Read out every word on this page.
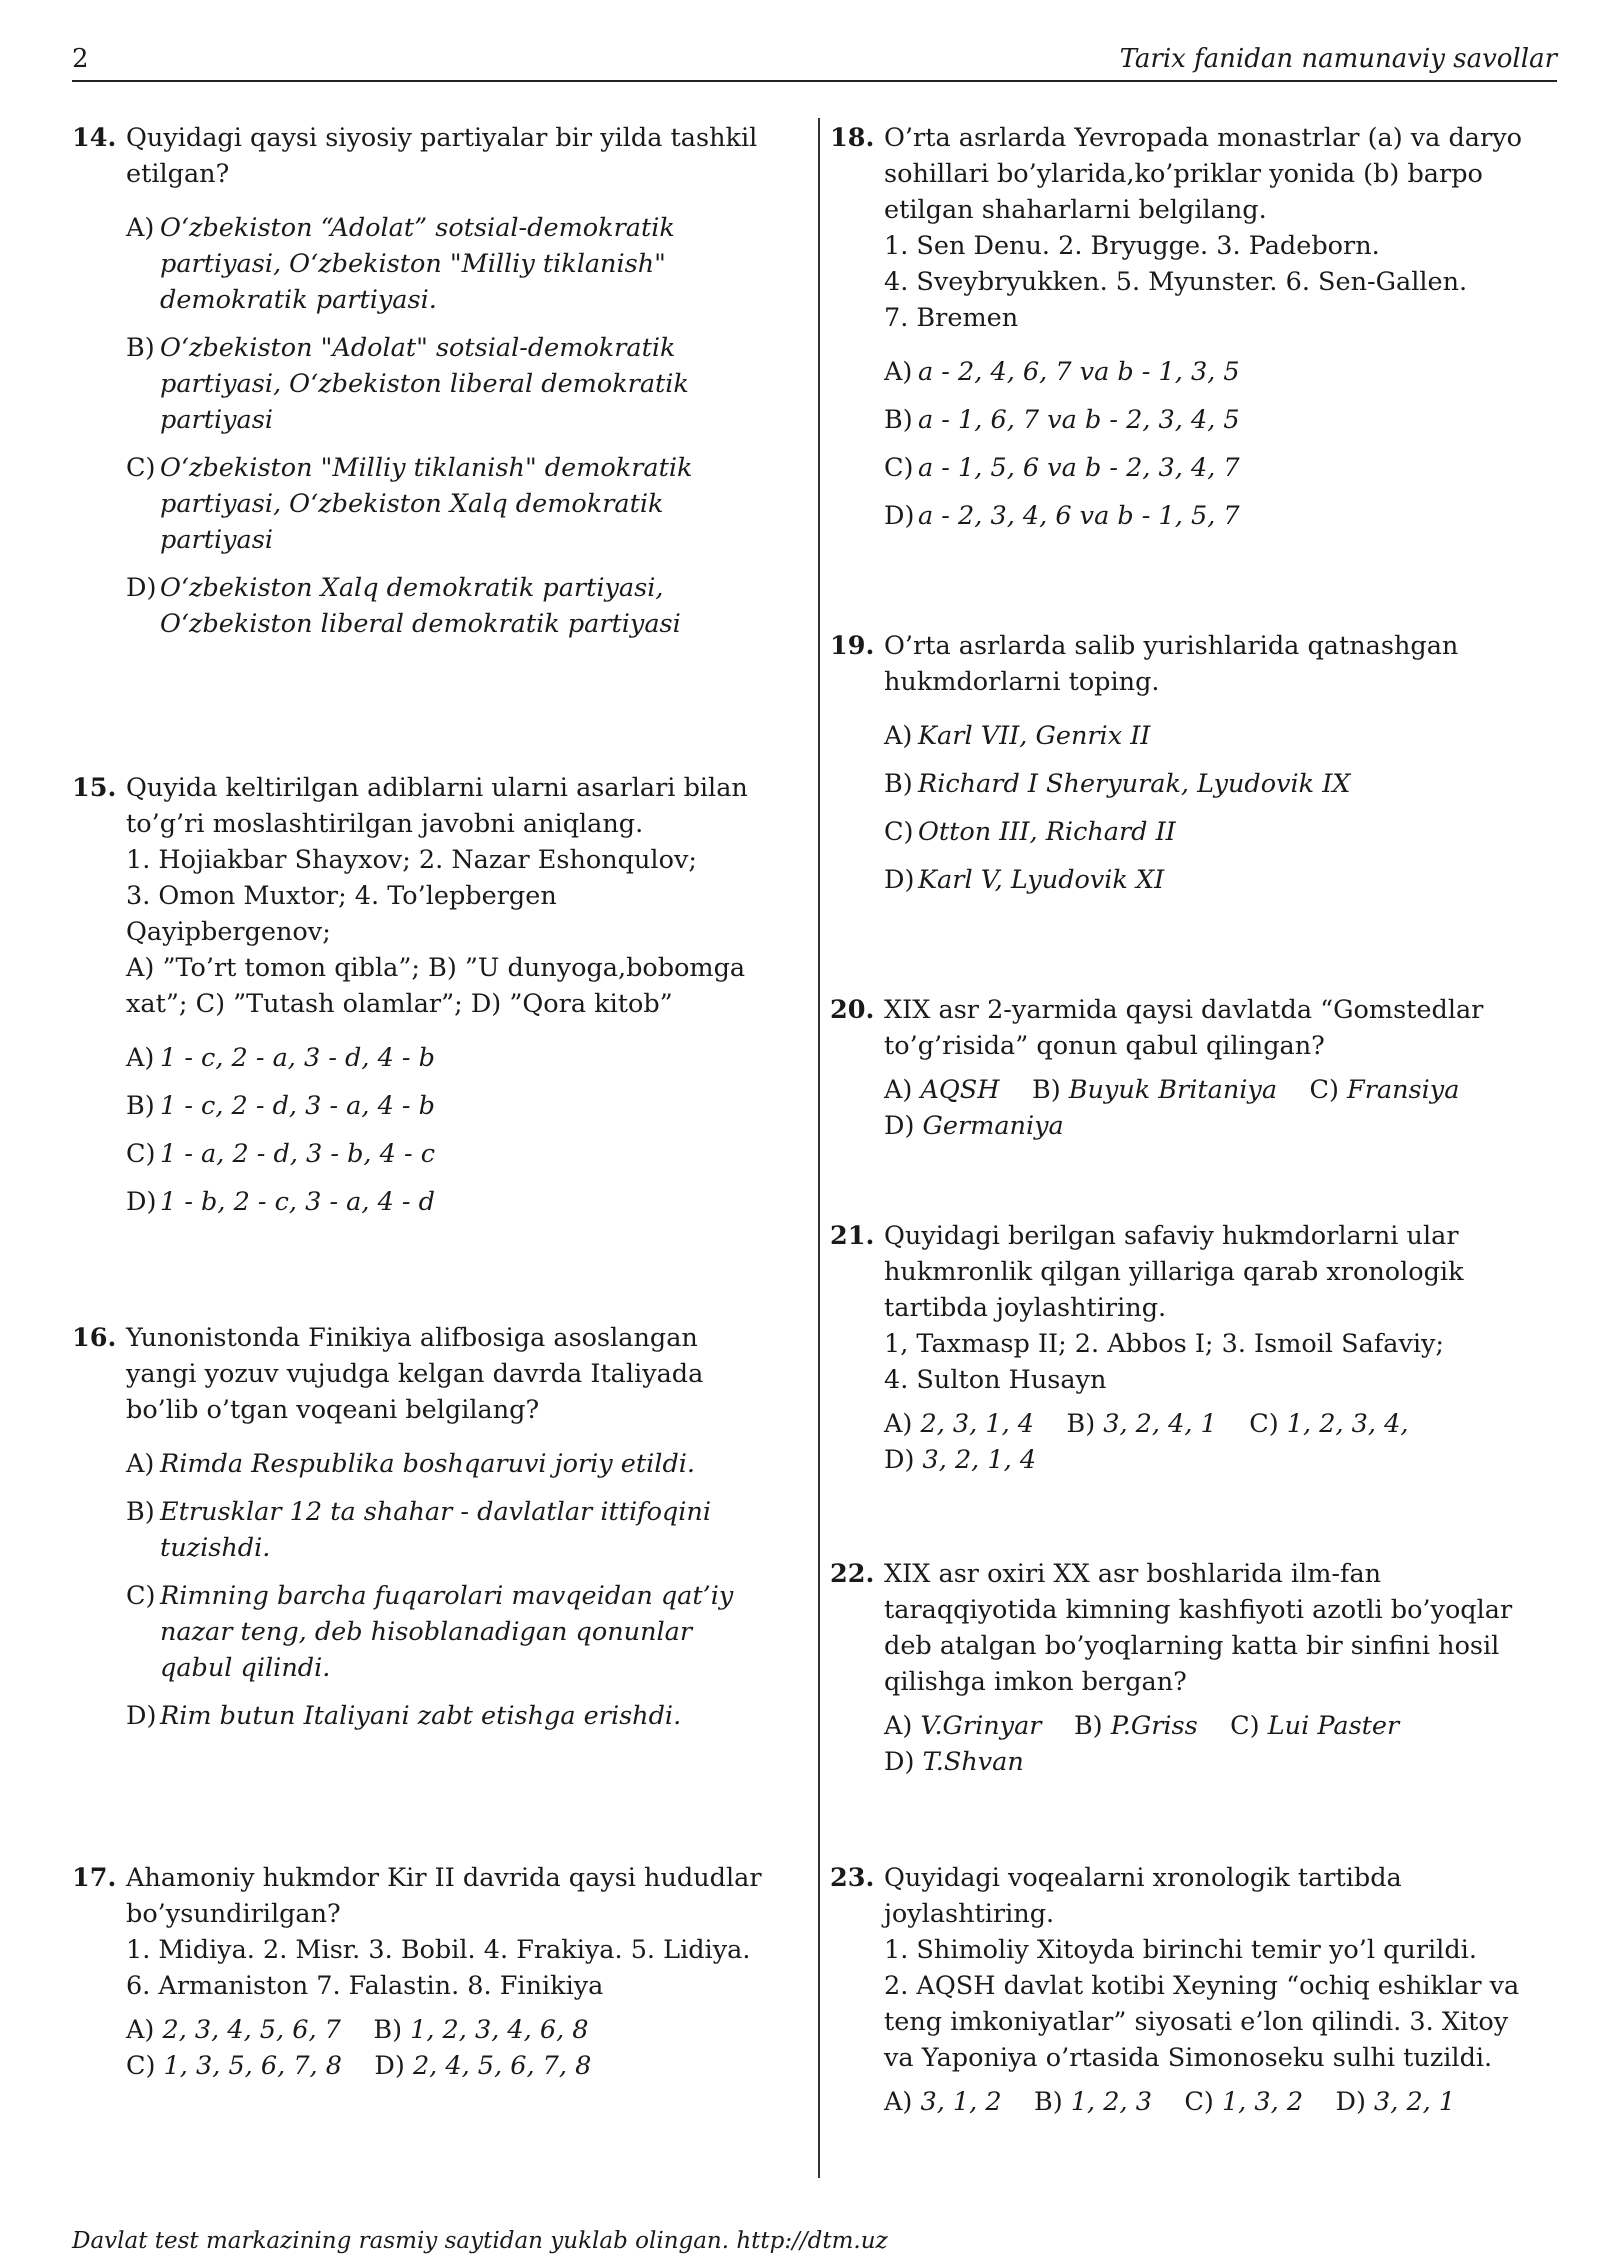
2	Tarix fanidan namunaviy savollar
14. Quyidagi qaysi siyosiy partiyalar bir yilda tashkil etilgan?
A) O‘zbekiston “Adolat” sotsial-demokratik partiyasi, O‘zbekiston "Milliy tiklanish" demokratik partiyasi.
B) O‘zbekiston "Adolat" sotsial-demokratik partiyasi, O‘zbekiston liberal demokratik partiyasi
C) O‘zbekiston "Milliy tiklanish" demokratik partiyasi, O‘zbekiston Xalq demokratik partiyasi
D) O‘zbekiston Xalq demokratik partiyasi, O‘zbekiston liberal demokratik partiyasi
15. Quyida keltirilgan adiblarni ularni asarlari bilan to’g’ri moslashtirilgan javobni aniqlang.
1. Hojiakbar Shayxov; 2. Nazar Eshonqulov;
3. Omon Muxtor; 4. To’lepbergen Qayipbergenov;
A) ”To’rt tomon qibla”; B) ”U dunyoga,bobomga xat”; C) ”Tutash olamlar”; D) ”Qora kitob”
A) 1 - c, 2 - a, 3 - d, 4 - b
B) 1 - c, 2 - d, 3 - a, 4 - b
C) 1 - a, 2 - d, 3 - b, 4 - c
D) 1 - b, 2 - c, 3 - a, 4 - d
16. Yunonistonda Finikiya alifbosiga asoslangan yangi yozuv vujudga kelgan davrda Italiyada bo’lib o’tgan voqeani belgilang?
A) Rimda Respublika boshqaruvi joriy etildi.
B) Etrusklar 12 ta shahar - davlatlar ittifoqini tuzishdi.
C) Rimning barcha fuqarolari mavqeidan qat’iy nazar teng, deb hisoblanadigan qonunlar qabul qilindi.
D) Rim butun Italiyani zabt etishga erishdi.
17. Ahamoniy hukmdor Kir II davrida qaysi hududlar bo’ysundirilgan?
1. Midiya. 2. Misr. 3. Bobil. 4. Frakiya. 5. Lidiya. 6. Armaniston 7. Falastin. 8. Finikiya
A) 2, 3, 4, 5, 6, 7 B) 1, 2, 3, 4, 6, 8
C) 1, 3, 5, 6, 7, 8 D) 2, 4, 5, 6, 7, 8
18. O’rta asrlarda Yevropada monastrlar (a) va daryo sohillari bo’ylarida,ko’priklar yonida (b) barpo etilgan shaharlarni belgilang.
1. Sen Denu. 2. Bryugge. 3. Padeborn.
4. Sveybryukken. 5. Myunster. 6. Sen-Gallen.
7. Bremen
A) a - 2, 4, 6, 7 va b - 1, 3, 5
B) a - 1, 6, 7 va b - 2, 3, 4, 5
C) a - 1, 5, 6 va b - 2, 3, 4, 7
D) a - 2, 3, 4, 6 va b - 1, 5, 7
19. O’rta asrlarda salib yurishlarida qatnashgan hukmdorlarni toping.
A) Karl VII, Genrix II
B) Richard I Sheryurak, Lyudovik IX
C) Otton III, Richard II
D) Karl V, Lyudovik XI
20. XIX asr 2-yarmida qaysi davlatda “Gomstedlar to’g’risida” qonun qabul qilingan?
A) AQSH B) Buyuk Britaniya C) Fransiya
D) Germaniya
21. Quyidagi berilgan safaviy hukmdorlarni ular hukmronlik qilgan yillariga qarab xronologik tartibda joylashtiring.
1, Taxmasp II; 2. Abbos I; 3. Ismoil Safaviy;
4. Sulton Husayn
A) 2, 3, 1, 4 B) 3, 2, 4, 1 C) 1, 2, 3, 4,
D) 3, 2, 1, 4
22. XIX asr oxiri XX asr boshlarida ilm-fan taraqqiyotida kimning kashfiyoti azotli bo’yoqlar deb atalgan bo’yoqlarning katta bir sinfini hosil qilishga imkon bergan?
A) V.Grinyar B) P.Griss C) Lui Paster
D) T.Shvan
23. Quyidagi voqealarni xronologik tartibda joylashtiring.
1. Shimoliy Xitoyda birinchi temir yo’l qurildi.
2. AQSH davlat kotibi Xeyning “ochiq eshiklar va teng imkoniyatlar” siyosati e’lon qilindi. 3. Xitoy va Yaponiya o’rtasida Simonoseku sulhi tuzildi.
A) 3, 1, 2 B) 1, 2, 3 C) 1, 3, 2 D) 3, 2, 1
Davlat test markazining rasmiy saytidan yuklab olingan. http://dtm.uz
